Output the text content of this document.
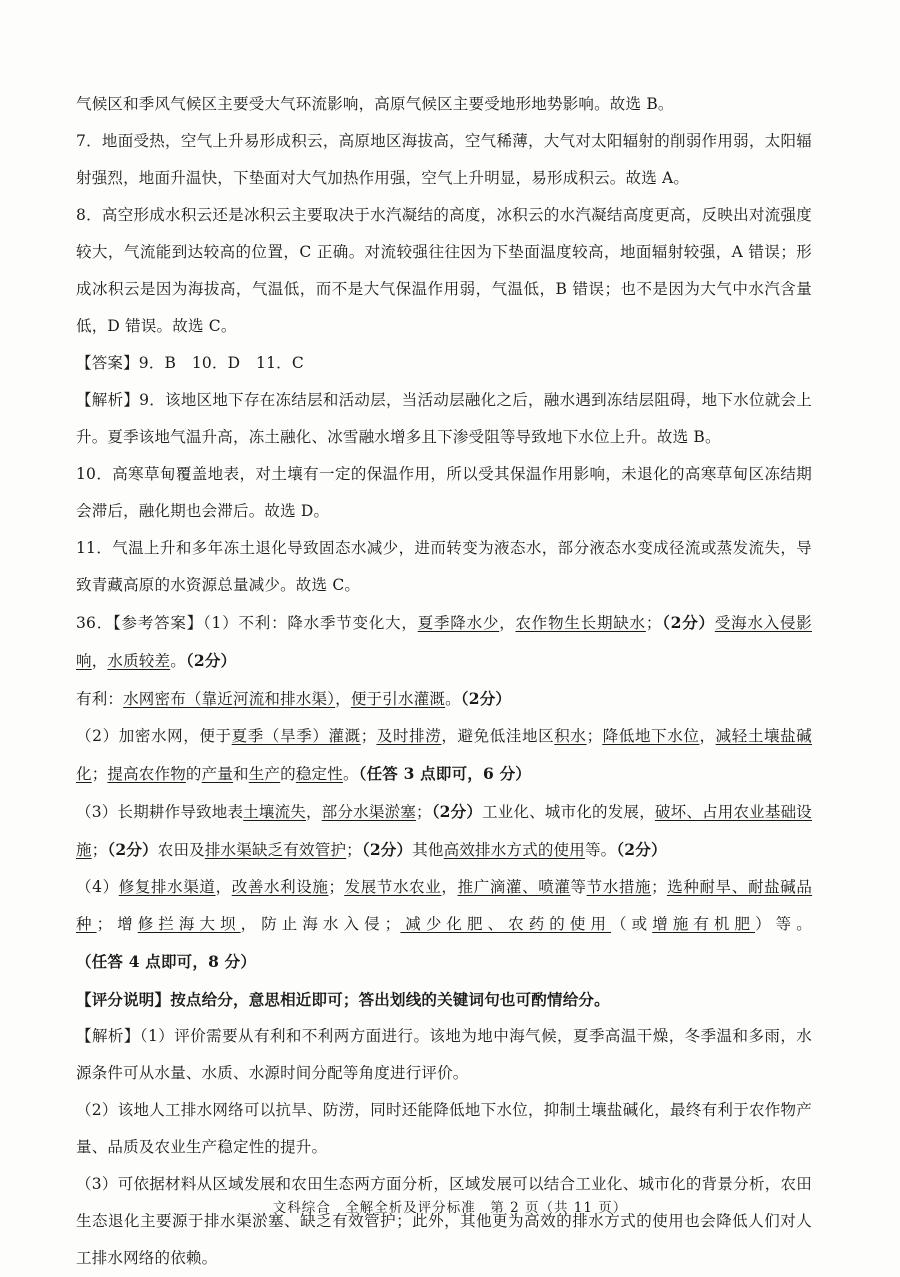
气候区和季风气候区主要受大气环流影响，高原气候区主要受地形地势影响。故选 B。

7．地面受热，空气上升易形成积云，高原地区海拔高，空气稀薄，大气对太阳辐射的削弱作用弱，太阳辐射强烈，地面升温快，下垫面对大气加热作用强，空气上升明显，易形成积云。故选 A。

8．高空形成水积云还是冰积云主要取决于水汽凝结的高度，冰积云的水汽凝结高度更高，反映出对流强度较大，气流能到达较高的位置，C 正确。对流较强往往因为下垫面温度较高，地面辐射较强，A 错误；形成冰积云是因为海拔高，气温低，而不是大气保温作用弱，气温低，B 错误；也不是因为大气中水汽含量低，D 错误。故选 C。

【答案】9．B　10．D　11．C

【解析】9．该地区地下存在冻结层和活动层，当活动层融化之后，融水遇到冻结层阻碍，地下水位就会上升。夏季该地气温升高，冻土融化、冰雪融水增多且下渗受阻等导致地下水位上升。故选 B。

10．高寒草甸覆盖地表，对土壤有一定的保温作用，所以受其保温作用影响，未退化的高寒草甸区冻结期会滞后，融化期也会滞后。故选 D。

11．气温上升和多年冻土退化导致固态水减少，进而转变为液态水，部分液态水变成径流或蒸发流失，导致青藏高原的水资源总量减少。故选 C。

36．【参考答案】（1）不利：降水季节变化大，夏季降水少，农作物生长期缺水；（2分）受海水入侵影响，水质较差。（2分）

有利：水网密布（靠近河流和排水渠），便于引水灌溉。（2分）

（2）加密水网，便于夏季（旱季）灌溉；及时排涝，避免低洼地区积水；降低地下水位，减轻土壤盐碱化；提高农作物的产量和生产的稳定性。（任答 3 点即可，6 分）

（3）长期耕作导致地表土壤流失，部分水渠淤塞；（2分）工业化、城市化的发展，破坏、占用农业基础设施；（2分）农田及排水渠缺乏有效管护；（2分）其他高效排水方式的使用等。（2分）

（4）修复排水渠道，改善水利设施；发展节水农业，推广滴灌、喷灌等节水措施；选种耐旱、耐盐碱品种；增修拦海大坝，防止海水入侵；减少化肥、农药的使用（或增施有机肥）等。（任答 4 点即可，8 分）

【评分说明】按点给分，意思相近即可；答出划线的关键词句也可酌情给分。

【解析】（1）评价需要从有利和不利两方面进行。该地为地中海气候，夏季高温干燥，冬季温和多雨，水源条件可从水量、水质、水源时间分配等角度进行评价。

（2）该地人工排水网络可以抗旱、防涝，同时还能降低地下水位，抑制土壤盐碱化，最终有利于农作物产量、品质及农业生产稳定性的提升。

（3）可依据材料从区域发展和农田生态两方面分析，区域发展可以结合工业化、城市化的背景分析，农田生态退化主要源于排水渠淤塞、缺乏有效管护；此外，其他更为高效的排水方式的使用也会降低人们对人工排水网络的依赖。

文科综合　全解全析及评分标准　第 2 页（共 11 页）
